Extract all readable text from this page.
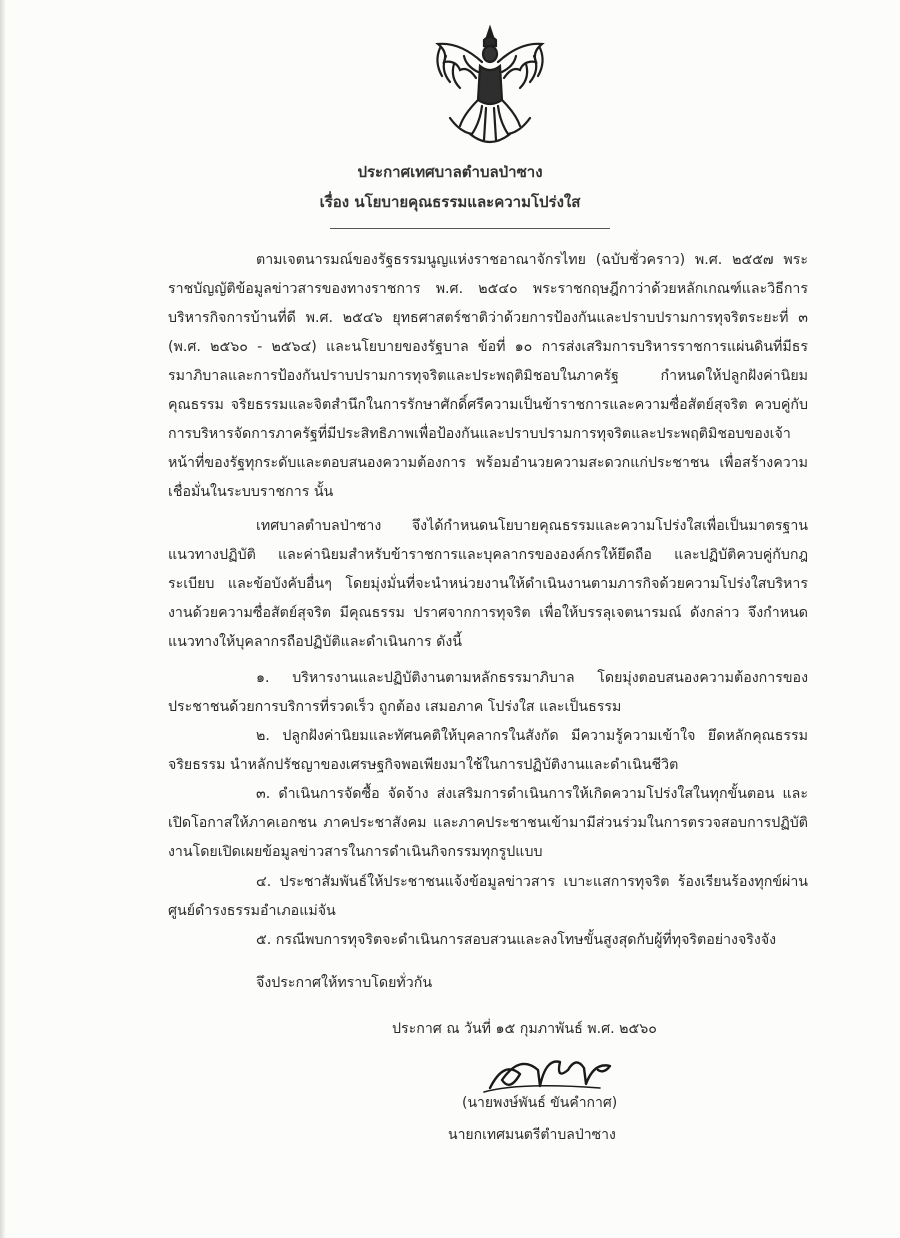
ประกาศเทศบาลตำบลป่าซาง
เรื่อง นโยบายคุณธรรมและความโปร่งใส

ตามเจตนารมณ์ของรัฐธรรมนูญแห่งราชอาณาจักรไทย (ฉบับชั่วคราว) พ.ศ. ๒๕๕๗ พระราชบัญญัติข้อมูลข่าวสารของทางราชการ พ.ศ. ๒๕๔๐ พระราชกฤษฎีกาว่าด้วยหลักเกณฑ์และวิธีการบริหารกิจการบ้านที่ดี พ.ศ. ๒๕๔๖ ยุทธศาสตร์ชาติว่าด้วยการป้องกันและปราบปรามการทุจริตระยะที่ ๓ (พ.ศ. ๒๕๖๐ - ๒๕๖๔) และนโยบายของรัฐบาล ข้อที่ ๑๐ การส่งเสริมการบริหารราชการแผ่นดินที่มีธรรมาภิบาลและการป้องกันปราบปรามการทุจริตและประพฤติมิชอบในภาครัฐ กำหนดให้ปลูกฝังค่านิยม คุณธรรม จริยธรรมและจิตสำนึกในการรักษาศักดิ์ศรีความเป็นข้าราชการและความซื่อสัตย์สุจริต ควบคู่กับการบริหารจัดการภาครัฐที่มีประสิทธิภาพเพื่อป้องกันและปราบปรามการทุจริตและประพฤติมิชอบของเจ้าหน้าที่ของรัฐทุกระดับและตอบสนองความต้องการ พร้อมอำนวยความสะดวกแก่ประชาชน เพื่อสร้างความเชื่อมั่นในระบบราชการ นั้น

เทศบาลตำบลป่าซาง จึงได้กำหนดนโยบายคุณธรรมและความโปร่งใสเพื่อเป็นมาตรฐาน แนวทางปฏิบัติ และค่านิยมสำหรับข้าราชการและบุคลากรขององค์กรให้ยึดถือ และปฏิบัติควบคู่กับกฎระเบียบ และข้อบังคับอื่นๆ โดยมุ่งมั่นที่จะนำหน่วยงานให้ดำเนินงานตามภารกิจด้วยความโปร่งใสบริหารงานด้วยความซื่อสัตย์สุจริต มีคุณธรรม ปราศจากการทุจริต เพื่อให้บรรลุเจตนารมณ์ ดังกล่าว จึงกำหนดแนวทางให้บุคลากรถือปฏิบัติและดำเนินการ ดังนี้

๑. บริหารงานและปฏิบัติงานตามหลักธรรมาภิบาล โดยมุ่งตอบสนองความต้องการของประชาชนด้วยการบริการที่รวดเร็ว ถูกต้อง เสมอภาค โปร่งใส และเป็นธรรม

๒. ปลูกฝังค่านิยมและทัศนคติให้บุคลากรในสังกัด มีความรู้ความเข้าใจ ยึดหลักคุณธรรม จริยธรรม นำหลักปรัชญาของเศรษฐกิจพอเพียงมาใช้ในการปฏิบัติงานและดำเนินชีวิต

๓. ดำเนินการจัดซื้อ จัดจ้าง ส่งเสริมการดำเนินการให้เกิดความโปร่งใสในทุกขั้นตอน และเปิดโอกาสให้ภาคเอกชน ภาคประชาสังคม และภาคประชาชนเข้ามามีส่วนร่วมในการตรวจสอบการปฏิบัติงานโดยเปิดเผยข้อมูลข่าวสารในการดำเนินกิจกรรมทุกรูปแบบ

๔. ประชาสัมพันธ์ให้ประชาชนแจ้งข้อมูลข่าวสาร เบาะแสการทุจริต ร้องเรียนร้องทุกข์ผ่านศูนย์ดำรงธรรมอำเภอแม่จัน

๕. กรณีพบการทุจริตจะดำเนินการสอบสวนและลงโทษขั้นสูงสุดกับผู้ที่ทุจริตอย่างจริงจัง

จึงประกาศให้ทราบโดยทั่วกัน

ประกาศ ณ วันที่ ๑๕ กุมภาพันธ์ พ.ศ. ๒๕๖๐

(นายพงษ์พันธ์ ขันคำกาศ)

นายกเทศมนตรีตำบลป่าซาง
